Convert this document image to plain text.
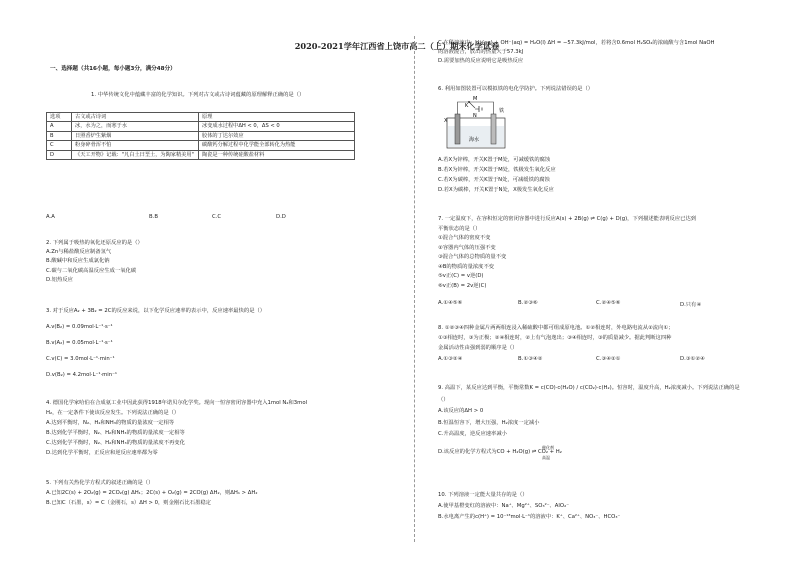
2020-2021学年江西省上饶市高二（上）期末化学试卷
一、选择题（共16小题，每小题3分，满分48分）
1. 中华传统文化中蕴藏丰富的化学知识。下列对古文或古诗词蕴藏的原理解释正确的是（）
选项	古文或古诗词	原理
A	冰，水为之，而寒于水	冰变成水过程中ΔH < 0，ΔS < 0
B	日照香炉生紫烟	胶体的丁达尔效应
C	粉身碎骨浑不怕	碳酸钙分解过程中化学能全部转化为热能
D	《天工开物》记载："凡白土曰垩土，为陶家精美用"	陶瓷是一种传统硅酸盐材料
A.A	B.B	C.C	D.D
2. 下列属于吸热的氧化还原反应的是（）
A.Zn与稀盐酸反应制备氢气
B.酸碱中和反应生成氯化钠
C.碳与二氧化碳高温反应生成一氧化碳
D.铝热反应
3. 对于反应A₂ + 3B₂ = 2C的反应来说，以下化学反应速率的表示中，反应速率最快的是（）
A.v(B₂) = 0.09mol·L⁻¹·s⁻¹
B.v(A₂) = 0.05mol·L⁻¹·s⁻¹
C.v(C) = 3.0mol·L⁻¹·min⁻¹
D.v(B₂) = 4.2mol·L⁻¹·min⁻¹
4. 德国化学家哈伯在合成氨工业中因此获得1918年诺贝尔化学奖。现向一恒容密闭容器中充入1mol N₂和3mol
H₂，在一定条件下使该反应发生。下列说法正确的是（）
A.达到平衡时，N₂、H₂和NH₃的物质的量浓度一定相等
B.达到化学平衡时，N₂、H₂和NH₃的物质的量浓度一定相等
C.达到化学平衡时，N₂、H₂和NH₃的物质的量浓度不再变化
D.达到化学平衡时，正反应和逆反应速率都为零
5. 下列有关热化学方程式的叙述正确的是（）
A.已知2C(s) + 2O₂(g) = 2CO₂(g) ΔH₁；2C(s) + O₂(g) = 2CO(g) ΔH₂，则ΔH₁ > ΔH₂
B.已知C（石墨，s）= C（金刚石，s）ΔH > 0，则金刚石比石墨稳定
C.在稀溶液中：H⁺(aq) + OH⁻(aq) = H₂O(l) ΔH = −57.3kJ/mol，若将含0.6mol H₂SO₄的浓硫酸与含1mol NaOH
的溶液混合，放出的热量大于57.3kJ
D.需要加热的反应说明它是吸热反应
6. 利用如图装置可以模拟铁的电化学防护。下列说法错误的是（）
M
K
N
X
铁
海水
A.若X为锌棒，开关K置于M处，可减缓铁的腐蚀
B.若X为锌棒，开关K置于M处，铁极发生氧化反应
C.若X为碳棒，开关K置于N处，可减缓铁的腐蚀
D.若X为碳棒，开关K置于N处，X极发生氧化反应
7. 一定温度下，在容积恒定的密闭容器中进行反应A(s) + 2B(g) ⇌ C(g) + D(g)，下列描述能表明反应已达到
平衡状态的是（）
①混合气体的密度不变
②容器内气体的压强不变
③混合气体的总物质的量不变
④B的物质的量浓度不变
⑤v正(C) = v逆(D)
⑥v正(B) = 2v逆(C)
A.①④⑤⑥	B.②③⑥	C.②④⑤⑥	D.只有④
8. ①②③④四种金属片两两相连浸入稀硫酸中都可组成原电池。①②相连时，外电路电流从②流向①；
①③相连时，③为正极；②④相连时，②上有气泡逸出；③④相连时，③的质量减少。据此判断这四种
金属活动性由强到弱的顺序是（）
A.①③②④	B.①③④②	C.③④②①	D.③①②④
9. 高温下，某反应达到平衡，平衡常数K = c(CO)·c(H₂O) / c(CO₂)·c(H₂)。恒容时，温度升高，H₂浓度减小。下列说法正确的是
（）
A.该反应的ΔH > 0
B.恒温恒容下，增大压强，H₂浓度一定减小
C.升高温度，逆反应速率减小
催化剂
D.该反应的化学方程式为CO + H₂O(g) ⇌ CO₂ + H₂
高温
10. 下列溶液一定能大量共存的是（）
A.使甲基橙变红的溶液中：Na⁺、Mg²⁺、SO₃²⁻、AlO₂⁻
B.水电离产生的c(H⁺) = 10⁻¹³mol·L⁻¹的溶液中：K⁺、Ca²⁺、NO₃⁻、HCO₃⁻
